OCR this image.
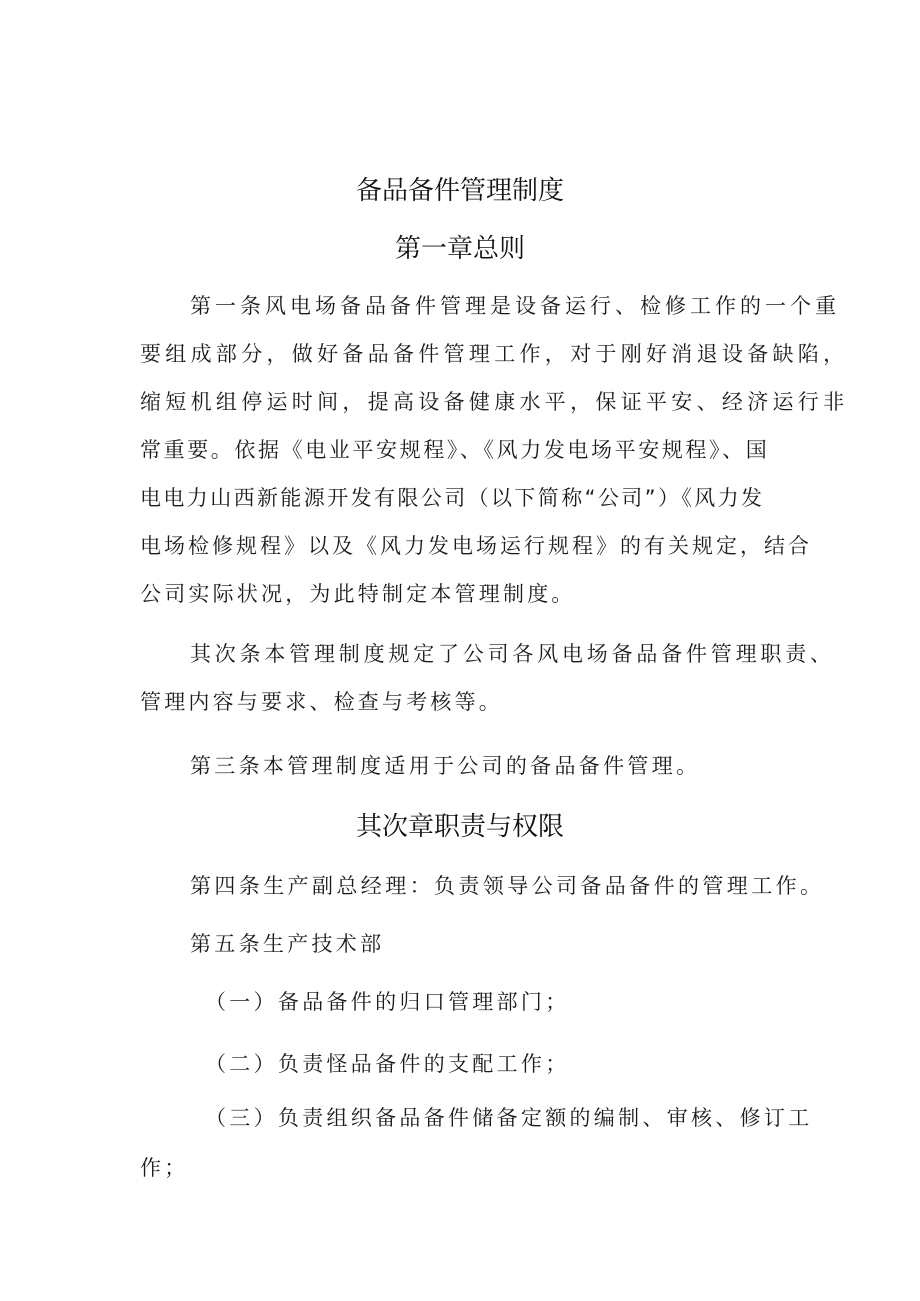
备品备件管理制度
第一章总则
第一条风电场备品备件管理是设备运行、检修工作的一个重
要组成部分，做好备品备件管理工作，对于刚好消退设备缺陷，
缩短机组停运时间，提高设备健康水平，保证平安、经济运行非
常重要。依据《电业平安规程》、《风力发电场平安规程》、国
电电力山西新能源开发有限公司（以下简称“公司”）《风力发
电场检修规程》以及《风力发电场运行规程》的有关规定，结合
公司实际状况，为此特制定本管理制度。
其次条本管理制度规定了公司各风电场备品备件管理职责、
管理内容与要求、检查与考核等。
第三条本管理制度适用于公司的备品备件管理。
其次章职责与权限
第四条生产副总经理：负责领导公司备品备件的管理工作。
第五条生产技术部
（一）备品备件的归口管理部门；
（二）负责怪品备件的支配工作；
（三）负责组织备品备件储备定额的编制、审核、修订工
作；
